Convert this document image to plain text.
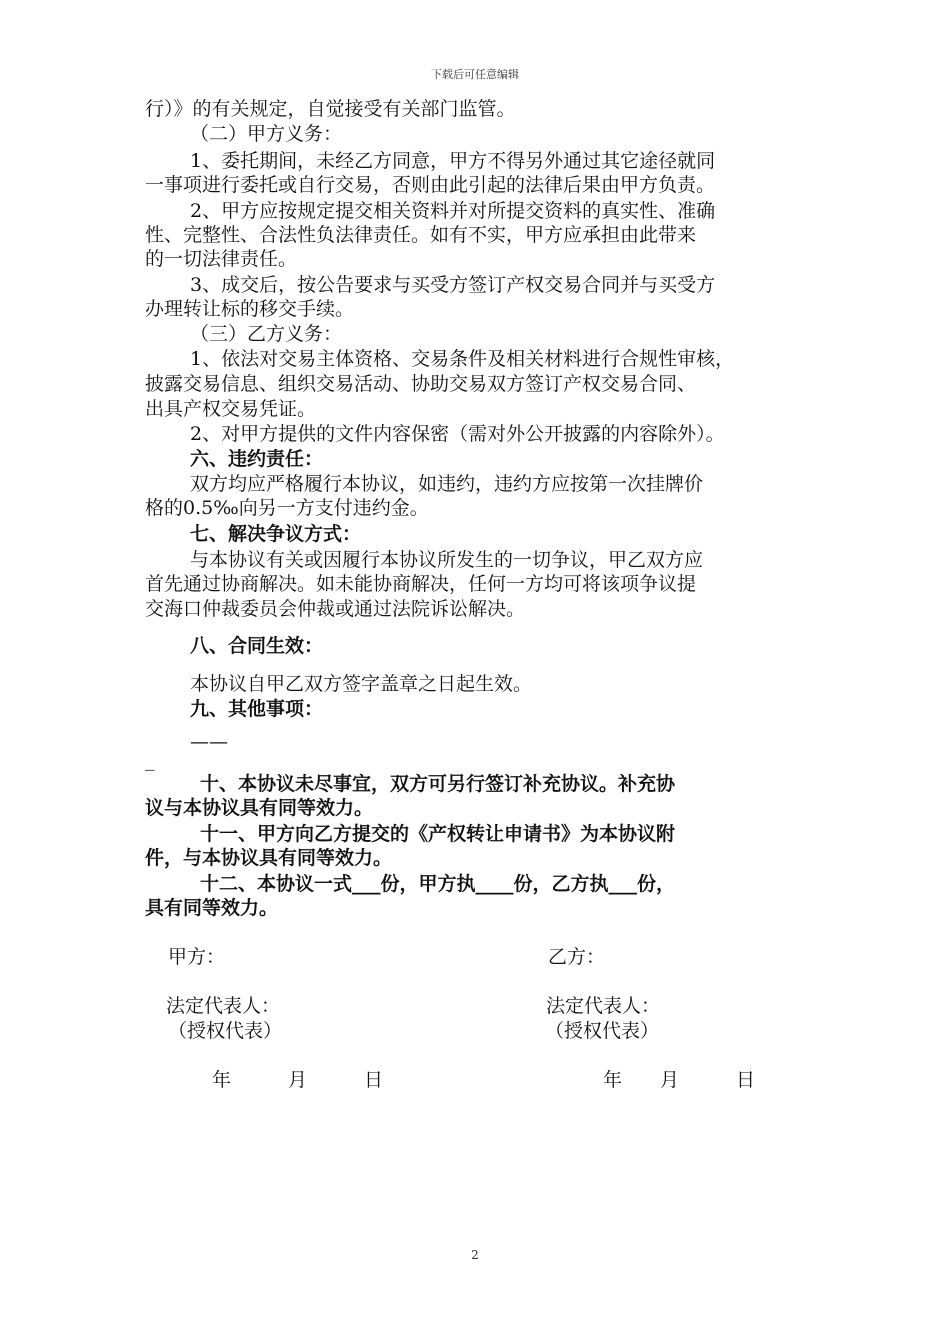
下载后可任意编辑
行）》的有关规定，自觉接受有关部门监管。
（二）甲方义务：
1、委托期间，未经乙方同意，甲方不得另外通过其它途径就同
一事项进行委托或自行交易，否则由此引起的法律后果由甲方负责。
2、甲方应按规定提交相关资料并对所提交资料的真实性、准确
性、完整性、合法性负法律责任。如有不实，甲方应承担由此带来
的一切法律责任。
3、成交后，按公告要求与买受方签订产权交易合同并与买受方
办理转让标的移交手续。
（三）乙方义务：
1、依法对交易主体资格、交易条件及相关材料进行合规性审核，
披露交易信息、组织交易活动、协助交易双方签订产权交易合同、
出具产权交易凭证。
2、对甲方提供的文件内容保密（需对外公开披露的内容除外）。
六、违约责任：
双方均应严格履行本协议，如违约，违约方应按第一次挂牌价
格的0.5‰向另一方支付违约金。
七、解决争议方式：
与本协议有关或因履行本协议所发生的一切争议，甲乙双方应
首先通过协商解决。如未能协商解决，任何一方均可将该项争议提
交海口仲裁委员会仲裁或通过法院诉讼解决。
八、合同生效：
本协议自甲乙双方签字盖章之日起生效。
九、其他事项：
——
_
十、本协议未尽事宜，双方可另行签订补充协议。补充协
议与本协议具有同等效力。
十一、甲方向乙方提交的《产权转让申请书》为本协议附
件，与本协议具有同等效力。
十二、本协议一式___份，甲方执____份，乙方执___份，
具有同等效力。
甲方：	乙方：
法定代表人：	法定代表人：
（授权代表）	（授权代表）
年　　　月　　　日	年　　月　　　日
2
